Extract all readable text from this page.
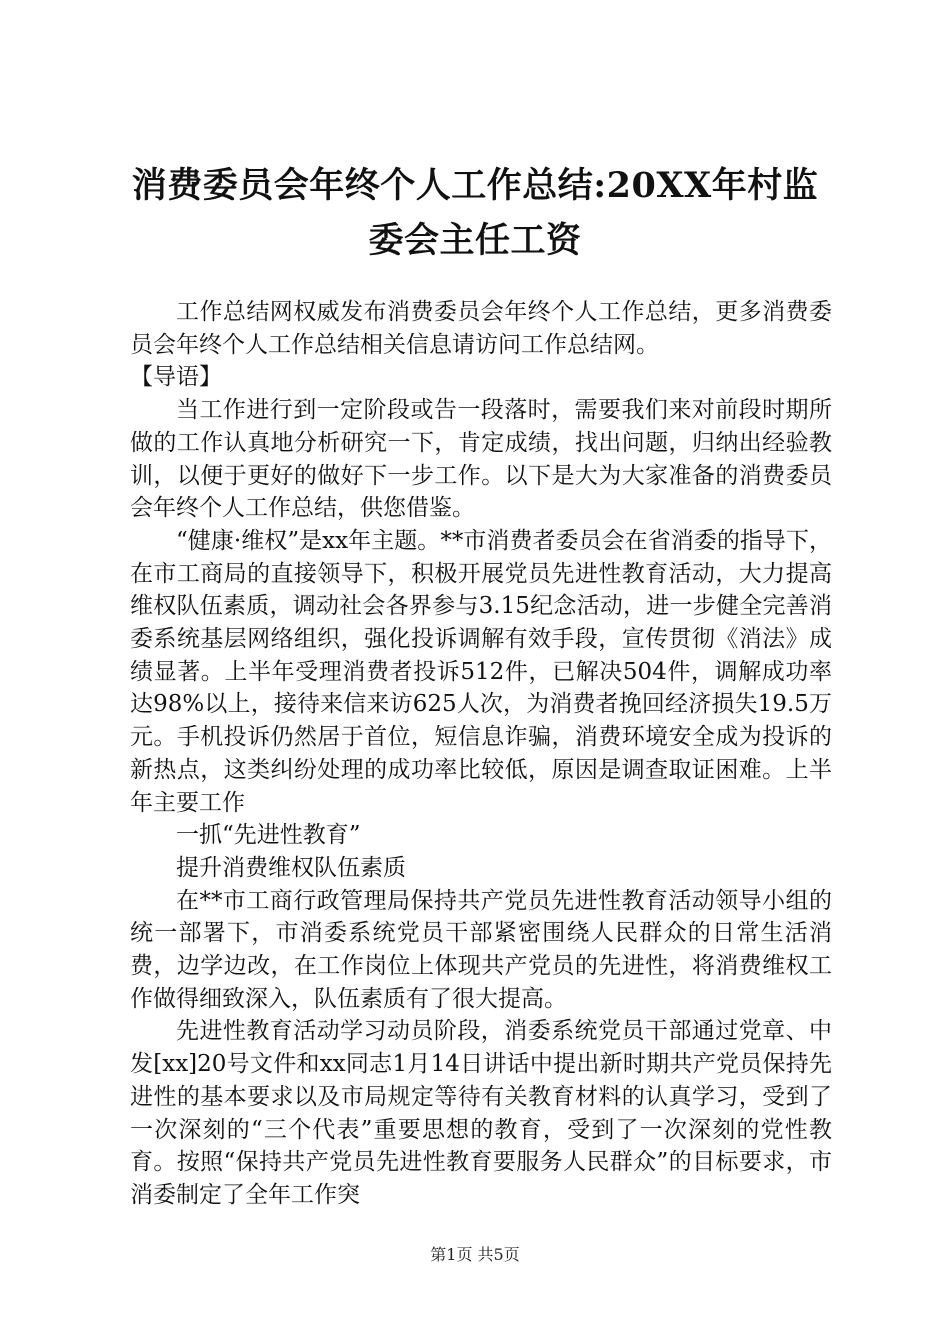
消费委员会年终个人工作总结:20XX年村监委会主任工资

工作总结网权威发布消费委员会年终个人工作总结，更多消费委员会年终个人工作总结相关信息请访问工作总结网。

【导语】

当工作进行到一定阶段或告一段落时，需要我们来对前段时期所做的工作认真地分析研究一下，肯定成绩，找出问题，归纳出经验教训，以便于更好的做好下一步工作。以下是大为大家准备的消费委员会年终个人工作总结，供您借鉴。

“健康·维权”是xx年主题。**市消费者委员会在省消委的指导下，在市工商局的直接领导下，积极开展党员先进性教育活动，大力提高维权队伍素质，调动社会各界参与3.15纪念活动，进一步健全完善消委系统基层网络组织，强化投诉调解有效手段，宣传贯彻《消法》成绩显著。上半年受理消费者投诉512件，已解决504件，调解成功率达98%以上，接待来信来访625人次，为消费者挽回经济损失19.5万元。手机投诉仍然居于首位，短信息诈骗，消费环境安全成为投诉的新热点，这类纠纷处理的成功率比较低，原因是调查取证困难。上半年主要工作

一抓“先进性教育”

提升消费维权队伍素质

在**市工商行政管理局保持共产党员先进性教育活动领导小组的统一部署下，市消委系统党员干部紧密围绕人民群众的日常生活消费，边学边改，在工作岗位上体现共产党员的先进性，将消费维权工作做得细致深入，队伍素质有了很大提高。

先进性教育活动学习动员阶段，消委系统党员干部通过党章、中发[xx]20号文件和xx同志1月14日讲话中提出新时期共产党员保持先进性的基本要求以及市局规定等待有关教育材料的认真学习，受到了一次深刻的“三个代表”重要思想的教育，受到了一次深刻的党性教育。按照“保持共产党员先进性教育要服务人民群众”的目标要求，市消委制定了全年工作突

第1页 共5页
